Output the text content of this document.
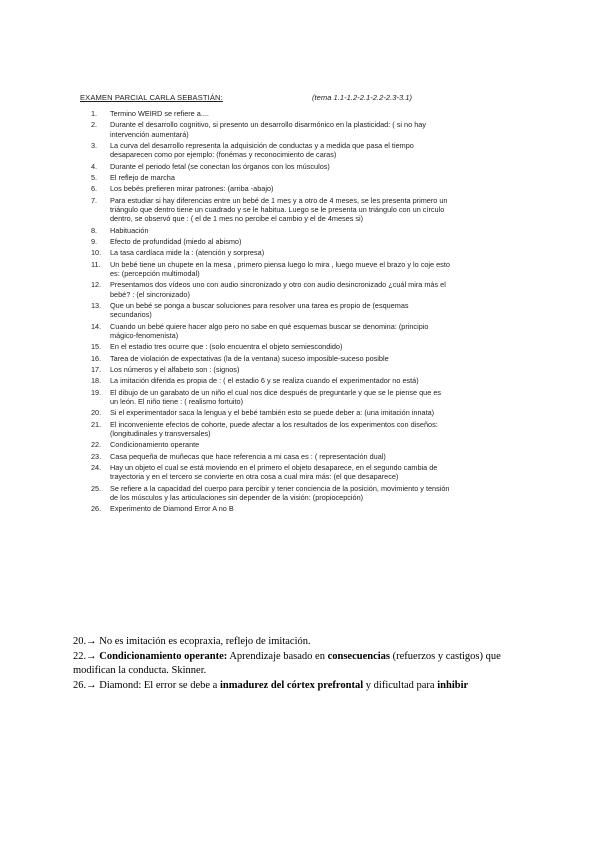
EXAMEN PARCIAL CARLA SEBASTIÁN:	(tema 1.1-1.2-2.1-2.2-2.3-3.1)
1.	Termino WEIRD se refiere a....
2.	Durante el desarrollo cognitivo, si presento un desarrollo disarmónico en la plasticidad: ( si no hay intervención aumentará)
3.	La curva del desarrollo representa la adquisición de conductas y a medida que pasa el tiempo desaparecen como por ejemplo: (fonémas y reconocimiento de caras)
4.	Durante el periodo fetal (se conectan los órganos con los músculos)
5.	El reflejo de marcha
6.	Los bebés prefieren mirar patrones: (arriba -abajo)
7.	Para estudiar si hay diferencias entre un bebé de 1 mes y a otro de 4 meses, se les presenta primero un triángulo que dentro tiene un cuadrado y se le habitua. Luego se le presenta un triángulo con un círculo dentro, se observó que : ( el de 1 mes no percibe el cambio y el de 4meses si)
8.	Habituación
9.	Efecto de profundidad (miedo al abismo)
10.	La tasa cardíaca mide la : (atención y sorpresa)
11.	Un bebé tiene un chupete en la mesa , primero piensa luego lo mira , luego mueve el brazo y lo coje esto es: (percepción multimodal)
12.	Presentamos dos vídeos uno con audio sincronizado y otro con audio desincronizado ¿cuál mira más el bebé? : (el sincronizado)
13.	Que un bebé se ponga a buscar soluciones para resolver una tarea es propio de (esquemas secundarios)
14.	Cuando un bebé quiere hacer algo pero no sabe en qué esquemas buscar se denomina: (principio mágico-fenomenista)
15.	En el estadio tres ocurre que : (solo encuentra el objeto semiescondido)
16.	Tarea de violación de expectativas (la de la ventana) suceso imposible-suceso posible
17.	Los números y el alfabeto son : (signos)
18.	La imitación diferida es propia de : ( el estadio 6 y se realiza cuando el experimentador no está)
19.	El dibujo de un garabato de un niño el cual nos dice después de preguntarle y que se le piense que es un león. El niño tiene : ( realismo fortuito)
20.	Si el experimentador saca la lengua y el bebé también esto se puede deber a: (una imitación innata)
21.	El inconveniente efectos de cohorte, puede afectar a los resultados de los experimentos con diseños: (longitudinales y transversales)
22.	Condicionamiento operante
23.	Casa pequeña de muñecas que hace referencia a mi casa es : ( representación dual)
24.	Hay un objeto el cual se está moviendo en el primero el objeto desaparece, en el segundo cambia de trayectoria y en el tercero se convierte en otra cosa a cual mira más: (el que desaparece)
25.	Se refiere a la capacidad del cuerpo para percibir y tener conciencia de la posición, movimiento y tensión de los músculos y las articulaciones sin depender de la visión: (propiocepción)
26.	Experimento de Diamond Error A no B

20.→ No es imitación es ecopraxia, reflejo de imitación.

22.→ Condicionamiento operante: Aprendizaje basado en consecuencias (refuerzos y castigos) que modifican la conducta. Skinner.

26.→ Diamond: El error se debe a inmadurez del córtex prefrontal y dificultad para inhibir
